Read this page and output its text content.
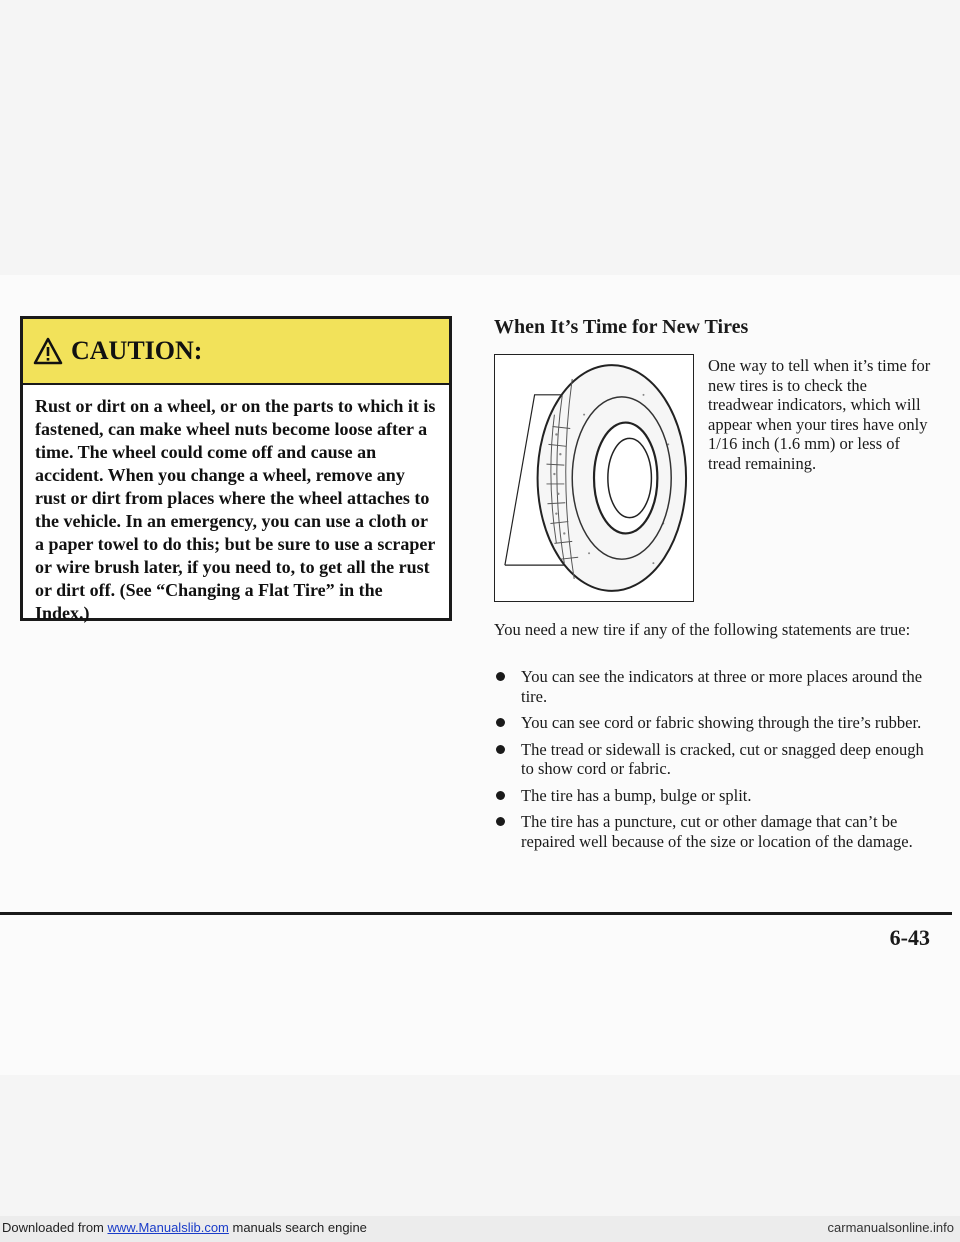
CAUTION:
Rust or dirt on a wheel, or on the parts to which it is fastened, can make wheel nuts become loose after a time. The wheel could come off and cause an accident. When you change a wheel, remove any rust or dirt from places where the wheel attaches to the vehicle. In an emergency, you can use a cloth or a paper towel to do this; but be sure to use a scraper or wire brush later, if you need to, to get all the rust or dirt off. (See “Changing a Flat Tire” in the Index.)
When It’s Time for New Tires
One way to tell when it’s time for new tires is to check the treadwear indicators, which will appear when your tires have only 1/16 inch (1.6 mm) or less of tread remaining.
You need a new tire if any of the following statements are true:
You can see the indicators at three or more places around the tire.
You can see cord or fabric showing through the tire’s rubber.
The tread or sidewall is cracked, cut or snagged deep enough to show cord or fabric.
The tire has a bump, bulge or split.
The tire has a puncture, cut or other damage that can’t be repaired well because of the size or location of the damage.
6-43
Downloaded from www.Manualslib.com manuals search engine	carmanualsonline.info
